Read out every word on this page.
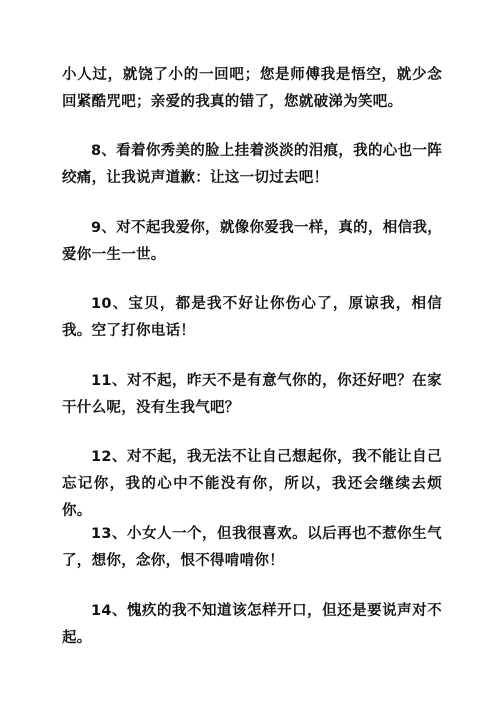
小人过，就饶了小的一回吧；您是师傅我是悟空，就少念回紧酷咒吧；亲爱的我真的错了，您就破涕为笑吧。

8、看着你秀美的脸上挂着淡淡的泪痕，我的心也一阵绞痛，让我说声道歉：让这一切过去吧！

9、对不起我爱你，就像你爱我一样，真的，相信我，爱你一生一世。

10、宝贝，都是我不好让你伤心了，原谅我，相信我。空了打你电话！

11、对不起，昨天不是有意气你的，你还好吧？在家干什么呢，没有生我气吧？

12、对不起，我无法不让自己想起你，我不能让自己忘记你，我的心中不能没有你，所以，我还会继续去烦你。

13、小女人一个，但我很喜欢。以后再也不惹你生气了，想你，念你，恨不得啃啃你！

14、愧疚的我不知道该怎样开口，但还是要说声对不起。
